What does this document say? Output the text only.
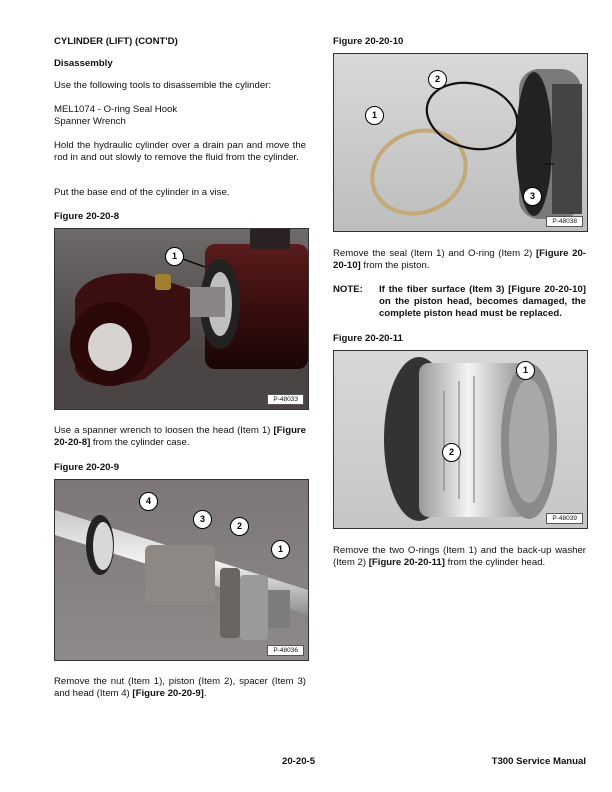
CYLINDER (LIFT) (CONT'D)
Disassembly
Use the following tools to disassemble the cylinder:
MEL1074 - O-ring Seal Hook
Spanner Wrench
Hold the hydraulic cylinder over a drain pan and move the rod in and out slowly to remove the fluid from the cylinder.
Put the base end of the cylinder in a vise.
Figure 20-20-8
1
P-48033
Use a spanner wrench to loosen the head (Item 1) [Figure 20-20-8] from the cylinder case.
Figure 20-20-9
4
3
2
1
P-48036
Remove the nut (Item 1), piston (Item 2), spacer (Item 3) and head (Item 4) [Figure 20-20-9].
Figure 20-20-10
2
1
3
P-48038
Remove the seal (Item 1) and O-ring (Item 2) [Figure 20-20-10] from the piston.
NOTE: If the fiber surface (Item 3) [Figure 20-20-10] on the piston head, becomes damaged, the complete piston head must be replaced.
Figure 20-20-11
1
2
P-48039
Remove the two O-rings (Item 1) and the back-up washer (Item 2) [Figure 20-20-11] from the cylinder head.
20-20-5	T300 Service Manual
